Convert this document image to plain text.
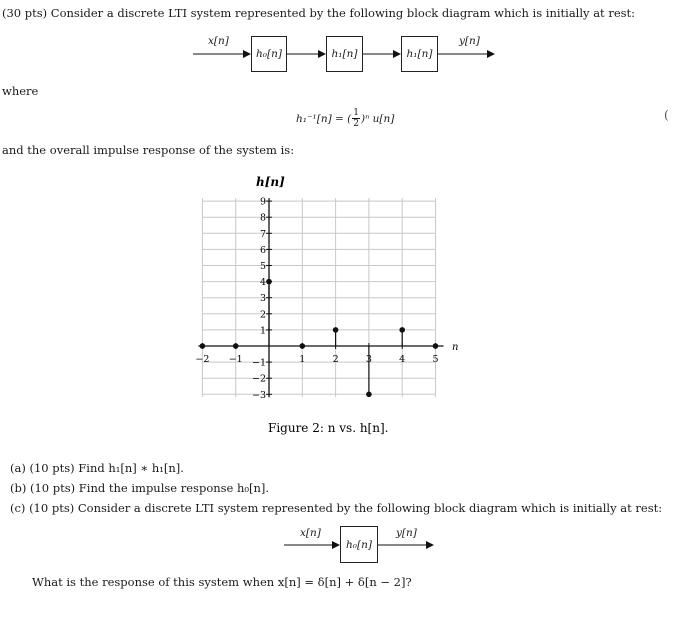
(30 pts) Consider a discrete LTI system represented by the following block diagram which is initially at rest:
x[n]
h₀[n]	h₁[n]	h₁[n]
y[n]
where
h₁⁻¹[n] = ( $\frac{1}{2} )^n$ u[n]	(
and the overall impulse response of the system is:
h[n]
−2 −1	1	2	3	4	5
9
8
7
6
5
4
3
2
1
−1
−2
−3
n
Figure 2: n vs. h[n].
(a) (10 pts) Find h₁[n] ∗ h₁[n].
(b) (10 pts) Find the impulse response h₀[n].
(c) (10 pts) Consider a discrete LTI system represented by the following block diagram which is initially at rest:
x[n]
h₀[n]
y[n]
What is the response of this system when x[n] = δ[n] + δ[n − 2]?
